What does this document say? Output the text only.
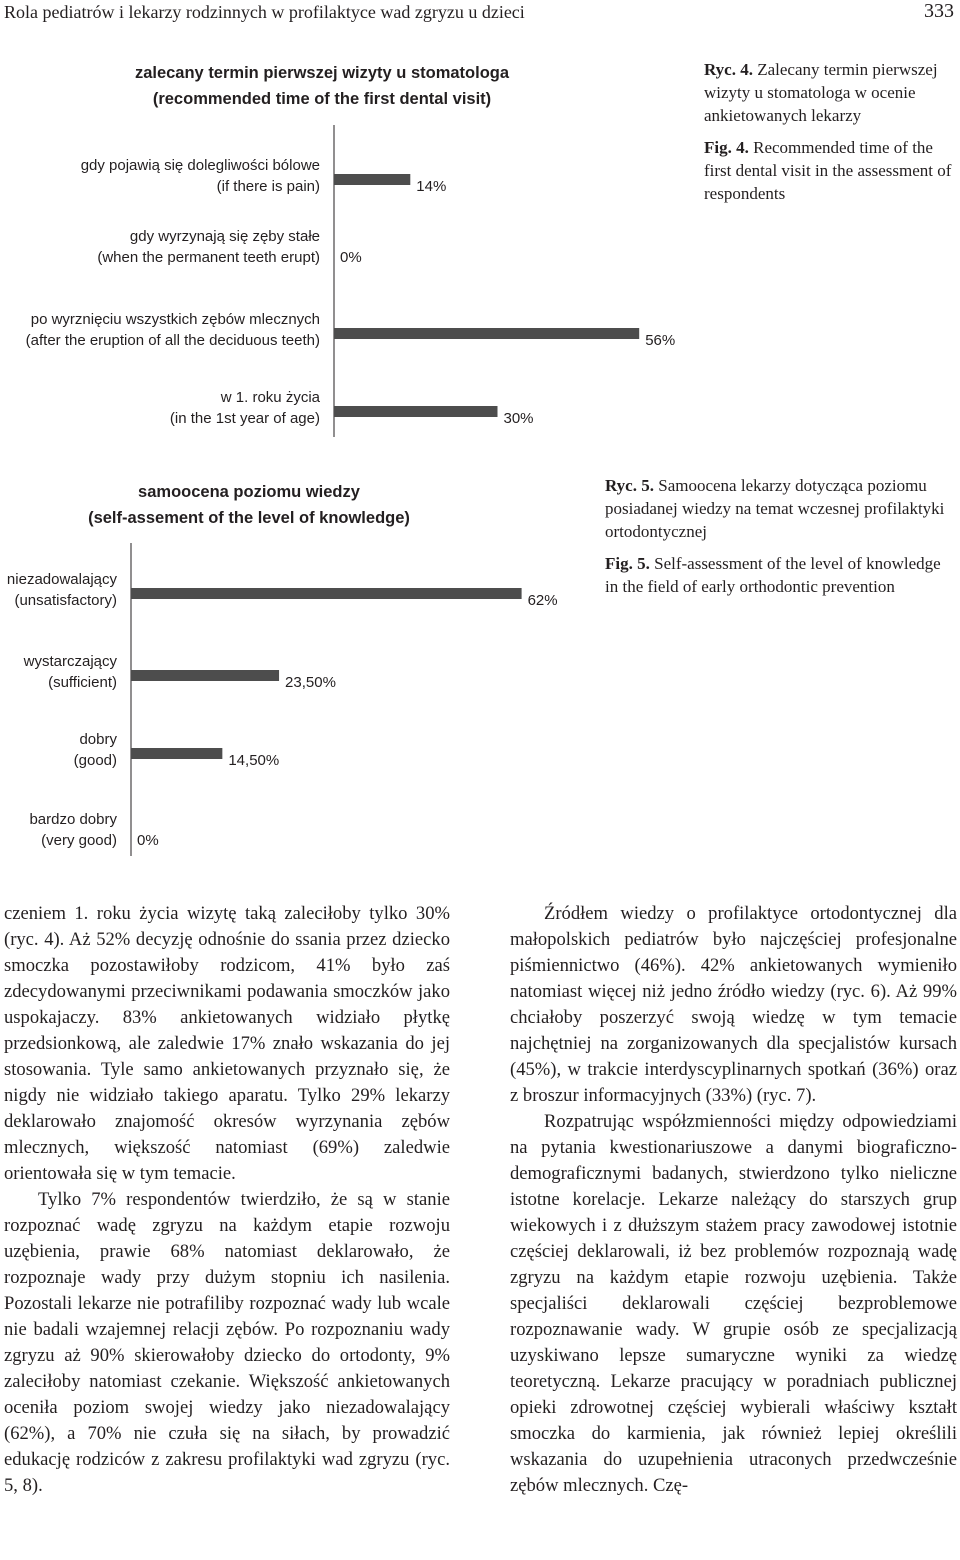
Rola pediatrów i lekarzy rodzinnych w profilaktyce wad zgryzu u dzieci	333
zalecany termin pierwszej wizyty u stomatologa
(recommended time of the first dental visit)
gdy pojawią się dolegliwości bólowe
(if there is pain)	14%
gdy wyrzynają się zęby stałe
(when the permanent teeth erupt) 0%
po wyrznięciu wszystkich zębów mlecznych
(after the eruption of all the deciduous teeth)	56%
w 1. roku życia
(in the 1st year of age)	30%
samoocena poziomu wiedzy
(self-assement of the level of knowledge)
niezadowalający
(unsatisfactory)	62%
wystarczający
(sufficient)	23,50%
dobry
(good)	14,50%
bardzo dobry
(very good) 0%

Ryc. 4. Zalecany termin pierwszej wizyty u stomatologa w ocenie ankietowanych lekarzy

Fig. 4. Recommended time of the first dental visit in the assessment of respondents

Ryc. 5. Samoocena lekarzy dotycząca poziomu posiadanej wiedzy na temat wczesnej profilaktyki ortodontycznej

Fig. 5. Self-assessment of the level of knowledge in the field of early orthodontic prevention

czeniem 1. roku życia wizytę taką zaleciłoby tylko 30% (ryc. 4). Aż 52% decyzję odnośnie do ssania przez dziecko smoczka pozostawiłoby rodzicom, 41% było zaś zdecydowanymi przeciwnikami podawania smoczków jako uspokajaczy. 83% ankietowanych widziało płytkę przedsionkową, ale zaledwie 17% znało wskazania do jej stosowania. Tyle samo ankietowanych przyznało się, że nigdy nie widziało takiego aparatu. Tylko 29% lekarzy deklarowało znajomość okresów wyrzynania zębów mlecznych, większość natomiast (69%) zaledwie orientowała się w tym temacie.

Tylko 7% respondentów twierdziło, że są w stanie rozpoznać wadę zgryzu na każdym etapie rozwoju uzębienia, prawie 68% natomiast deklarowało, że rozpoznaje wady przy dużym stopniu ich nasilenia. Pozostali lekarze nie potrafiliby rozpoznać wady lub wcale nie badali wzajemnej relacji zębów. Po rozpoznaniu wady zgryzu aż 90% skierowałoby dziecko do ortodonty, 9% zaleciłoby natomiast czekanie. Większość ankietowanych oceniła poziom swojej wiedzy jako niezadowalający (62%), a 70% nie czuła się na siłach, by prowadzić edukację rodziców z zakresu profilaktyki wad zgryzu (ryc. 5, 8).

Źródłem wiedzy o profilaktyce ortodontycznej dla małopolskich pediatrów było najczęściej profesjonalne piśmiennictwo (46%). 42% ankietowanych wymieniło natomiast więcej niż jedno źródło wiedzy (ryc. 6). Aż 99% chciałoby poszerzyć swoją wiedzę w tym temacie najchętniej na zorganizowanych dla specjalistów kursach (45%), w trakcie interdyscyplinarnych spotkań (36%) oraz z broszur informacyjnych (33%) (ryc. 7).

Rozpatrując współzmienności między odpowiedziami na pytania kwestionariuszowe a danymi biograficzno-demograficznymi badanych, stwierdzono tylko nieliczne istotne korelacje. Lekarze należący do starszych grup wiekowych i z dłuższym stażem pracy zawodowej istotnie częściej deklarowali, iż bez problemów rozpoznają wadę zgryzu na każdym etapie rozwoju uzębienia. Także specjaliści deklarowali częściej bezproblemowe rozpoznawanie wady. W grupie osób ze specjalizacją uzyskiwano lepsze sumaryczne wyniki za wiedzę teoretyczną. Lekarze pracujący w poradniach publicznej opieki zdrowotnej częściej wybierali właściwy kształt smoczka do karmienia, jak również lepiej określili wskazania do uzupełnienia utraconych przedwcześnie zębów mlecznych. Czę-
